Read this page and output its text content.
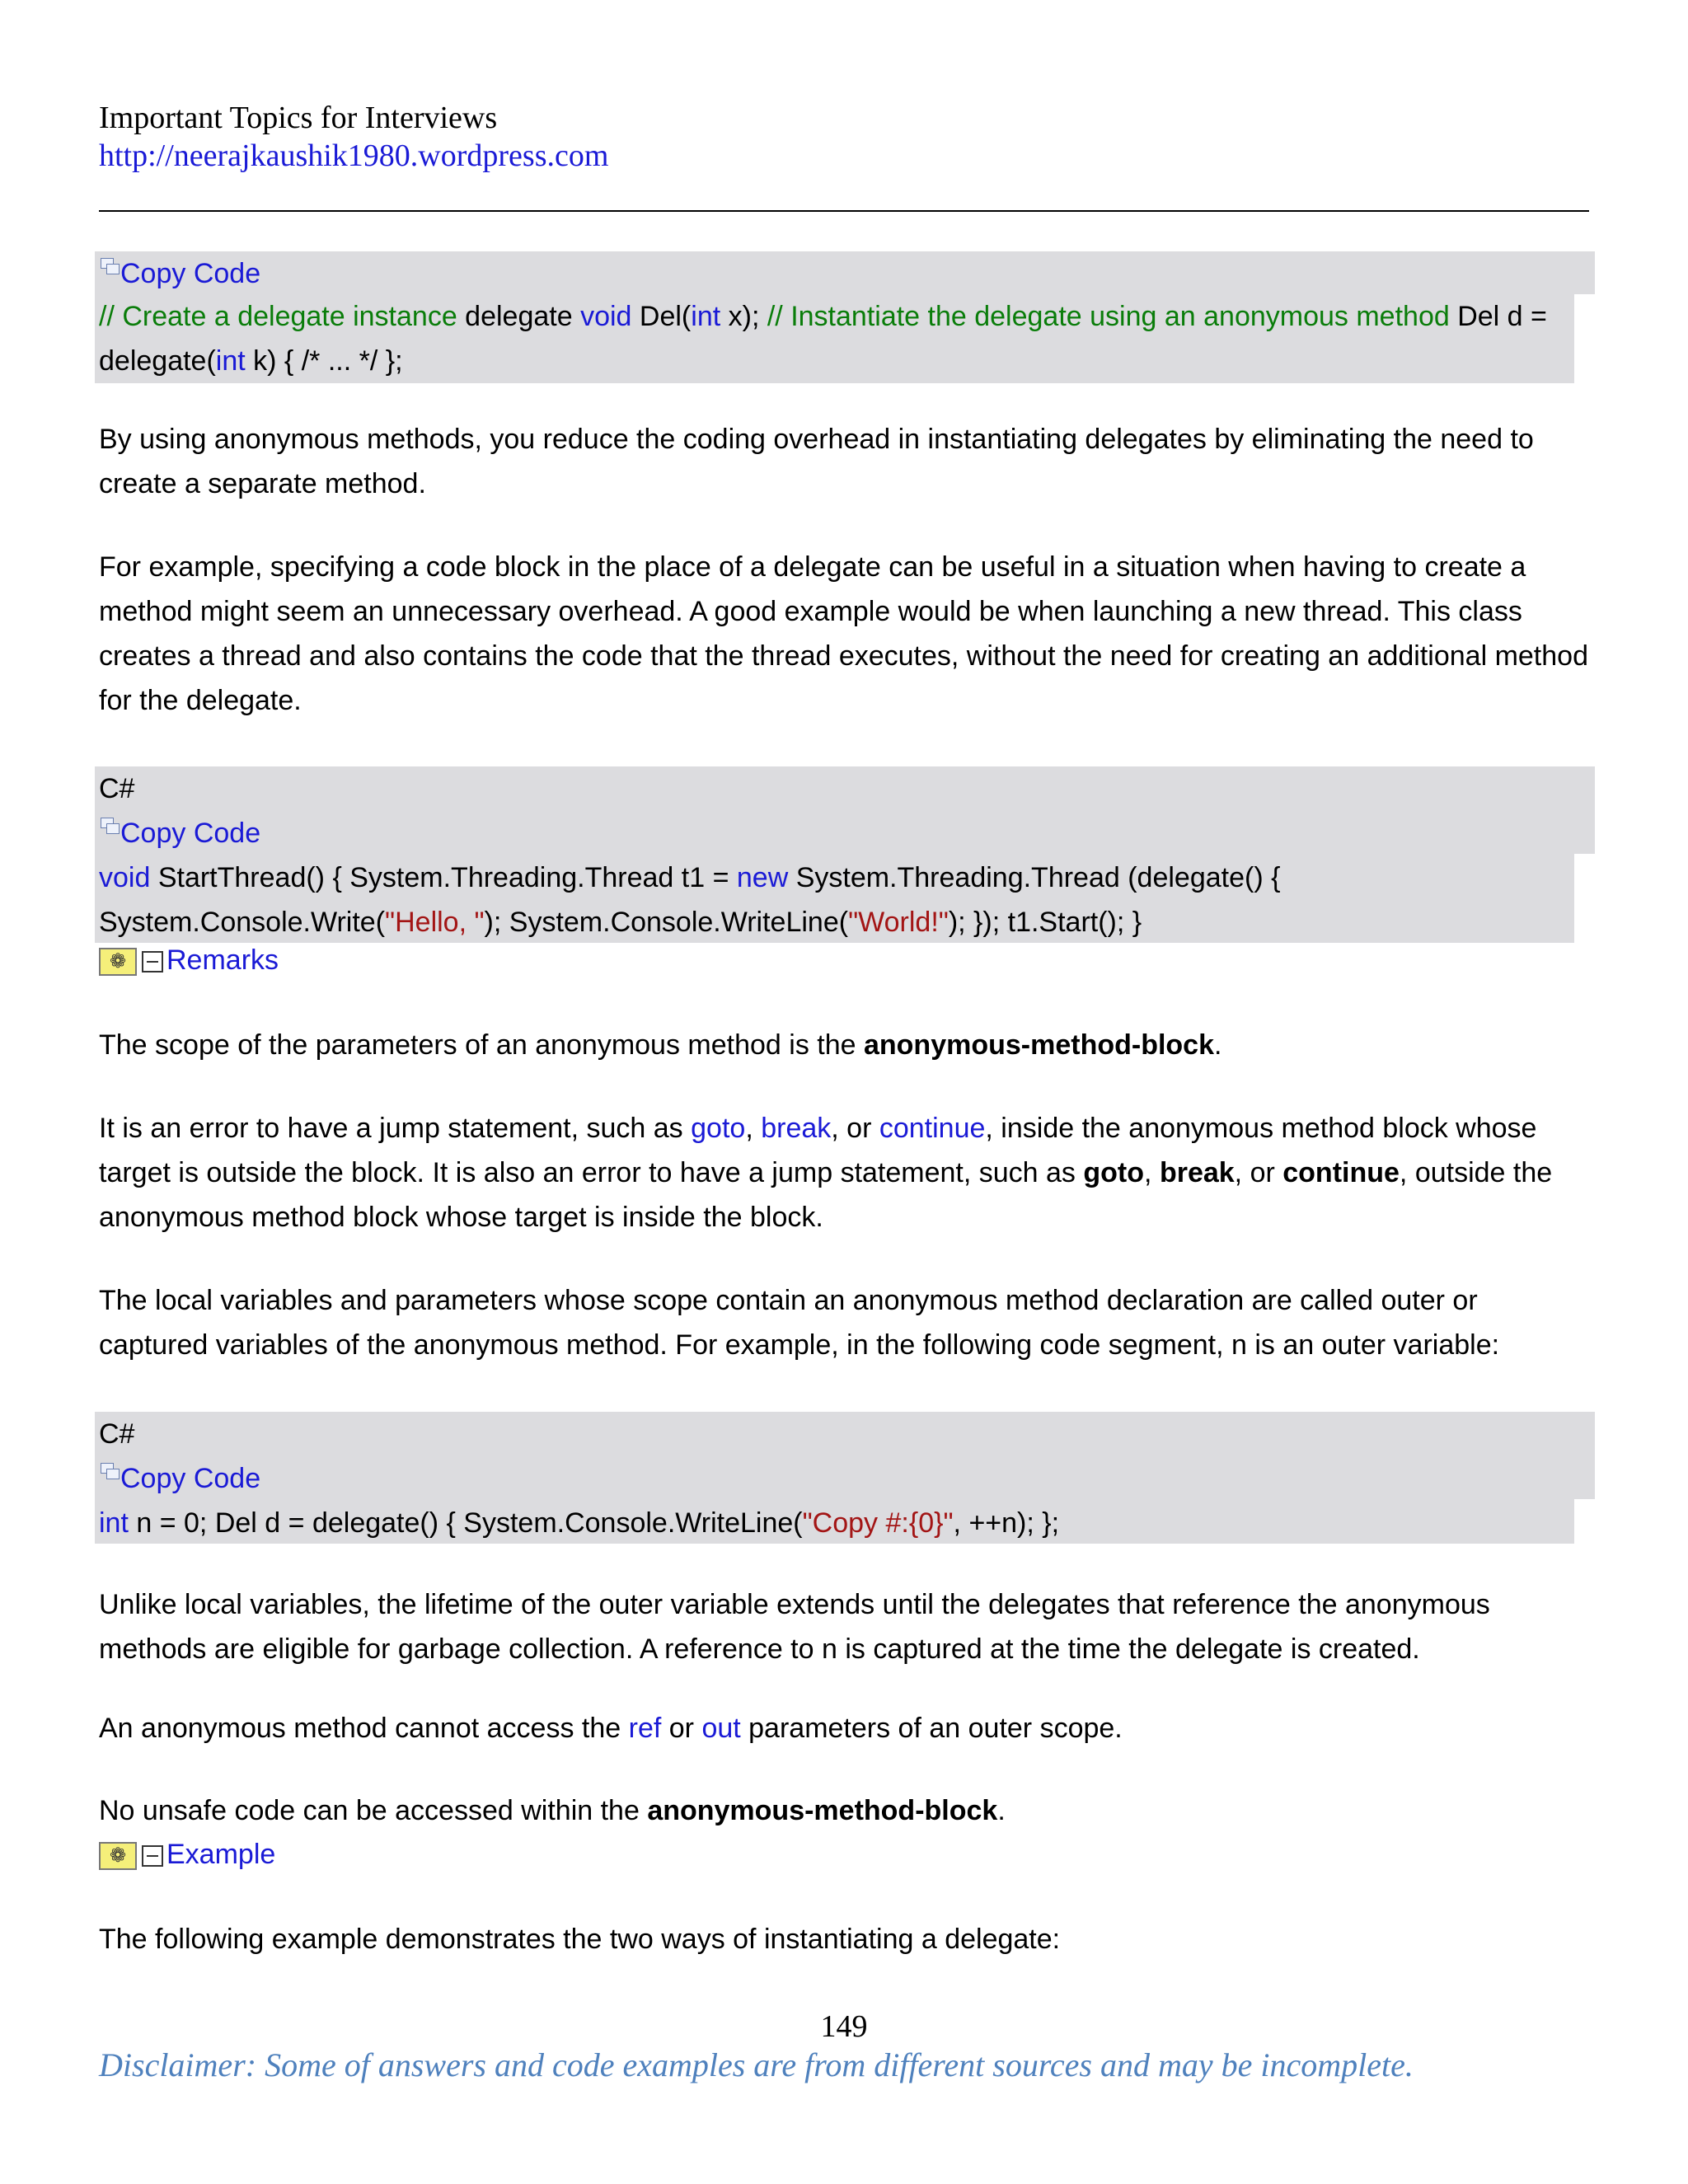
Important Topics for Interviews
http://neerajkaushik1980.wordpress.com
Copy Code
// Create a delegate instance delegate void Del(int x); // Instantiate the delegate using an anonymous method Del d =
delegate(int k) { /* ... */ };
By using anonymous methods, you reduce the coding overhead in instantiating delegates by eliminating the need to create a separate method.
For example, specifying a code block in the place of a delegate can be useful in a situation when having to create a method might seem an unnecessary overhead. A good example would be when launching a new thread. This class creates a thread and also contains the code that the thread executes, without the need for creating an additional method for the delegate.
C#
Copy Code
void StartThread() { System.Threading.Thread t1 = new System.Threading.Thread (delegate() {
System.Console.Write("Hello, "); System.Console.WriteLine("World!"); }); t1.Start(); }
❁ Remarks
The scope of the parameters of an anonymous method is the anonymous-method-block.
It is an error to have a jump statement, such as goto, break, or continue, inside the anonymous method block whose target is outside the block. It is also an error to have a jump statement, such as goto, break, or continue, outside the anonymous method block whose target is inside the block.
The local variables and parameters whose scope contain an anonymous method declaration are called outer or captured variables of the anonymous method. For example, in the following code segment, n is an outer variable:
C#
Copy Code
int n = 0; Del d = delegate() { System.Console.WriteLine("Copy #:{0}", ++n); };
Unlike local variables, the lifetime of the outer variable extends until the delegates that reference the anonymous methods are eligible for garbage collection. A reference to n is captured at the time the delegate is created.
An anonymous method cannot access the ref or out parameters of an outer scope.
No unsafe code can be accessed within the anonymous-method-block.
❁ Example
The following example demonstrates the two ways of instantiating a delegate:
149
Disclaimer: Some of answers and code examples are from different sources and may be incomplete.
